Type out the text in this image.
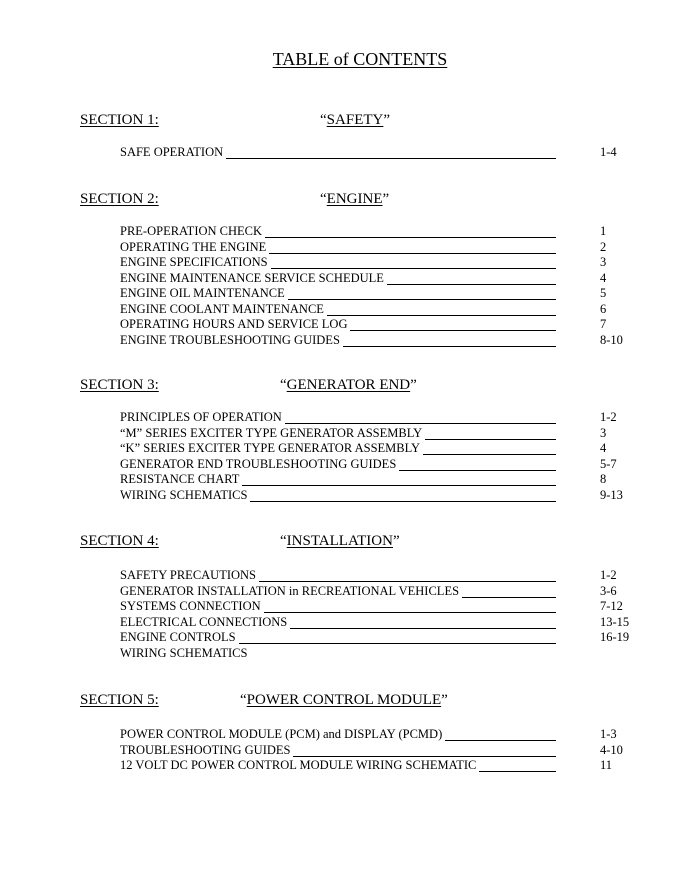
TABLE of CONTENTS
SECTION 1:	“SAFETY”
SAFE OPERATION	1-4
SECTION 2:	“ENGINE”
PRE-OPERATION CHECK	1
OPERATING THE ENGINE	2
ENGINE SPECIFICATIONS	3
ENGINE MAINTENANCE SERVICE SCHEDULE	4
ENGINE OIL MAINTENANCE	5
ENGINE COOLANT MAINTENANCE	6
OPERATING HOURS AND SERVICE LOG	7
ENGINE TROUBLESHOOTING GUIDES	8-10
SECTION 3:	“GENERATOR END”
PRINCIPLES OF OPERATION	1-2
“M” SERIES EXCITER TYPE GENERATOR ASSEMBLY	3
“K” SERIES EXCITER TYPE GENERATOR ASSEMBLY	4
GENERATOR END TROUBLESHOOTING GUIDES	5-7
RESISTANCE CHART	8
WIRING SCHEMATICS	9-13
SECTION 4:	“INSTALLATION”
SAFETY PRECAUTIONS	1-2
GENERATOR INSTALLATION in RECREATIONAL VEHICLES	3-6
SYSTEMS CONNECTION	7-12
ELECTRICAL CONNECTIONS	13-15
ENGINE CONTROLS	16-19
WIRING SCHEMATICS
SECTION 5:	“POWER CONTROL MODULE”
POWER CONTROL MODULE (PCM) and DISPLAY (PCMD)	1-3
TROUBLESHOOTING GUIDES	4-10
12 VOLT DC POWER CONTROL MODULE WIRING SCHEMATIC	11
